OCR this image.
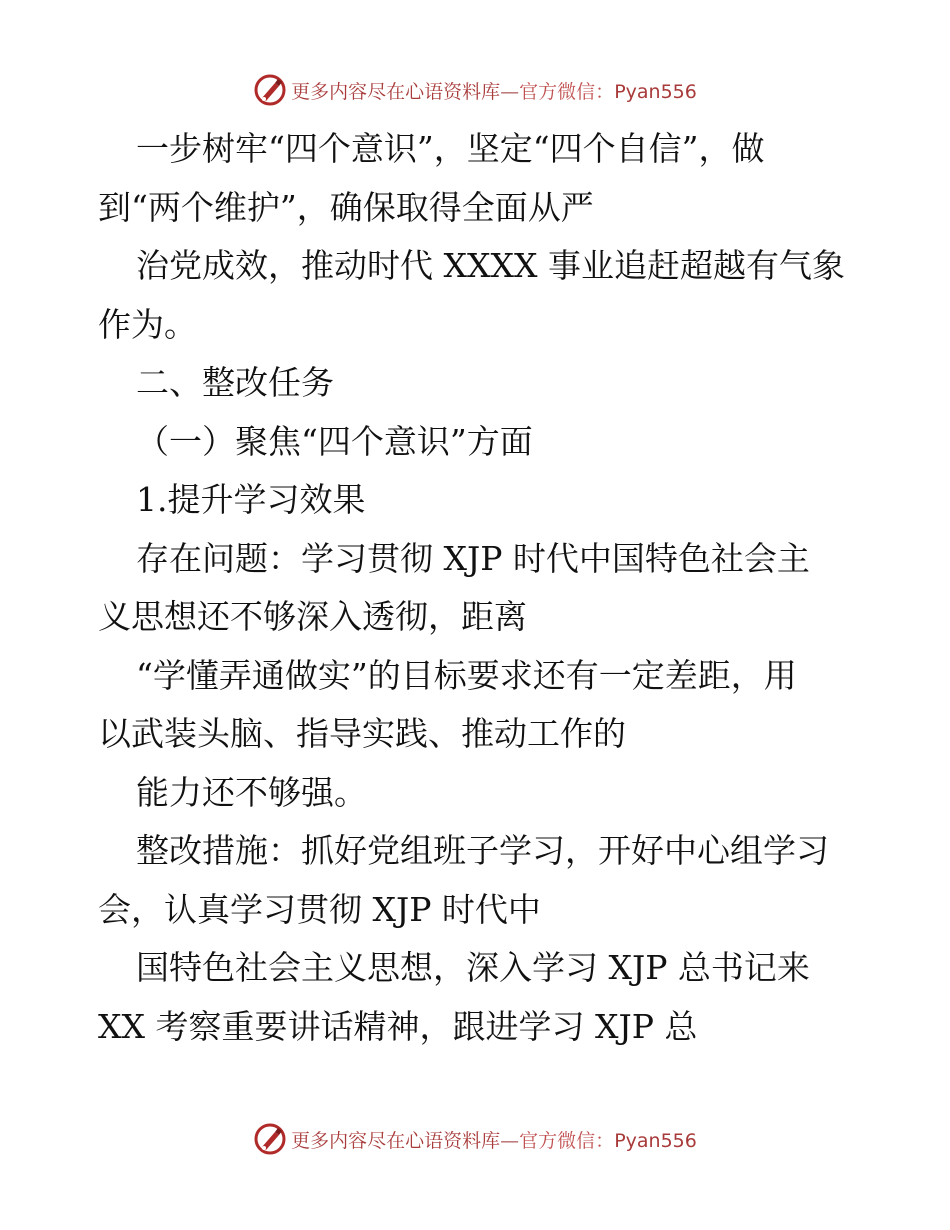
更多内容尽在心语资料库—官方微信：Pyan556
一步树牢“四个意识”，坚定“四个自信”，做
到“两个维护”，确保取得全面从严
治党成效，推动时代 XXXX 事业追赶超越有气象
作为。
二、整改任务
（一）聚焦“四个意识”方面
1.提升学习效果
存在问题：学习贯彻 XJP 时代中国特色社会主
义思想还不够深入透彻，距离
“学懂弄通做实”的目标要求还有一定差距，用
以武装头脑、指导实践、推动工作的
能力还不够强。
整改措施：抓好党组班子学习，开好中心组学习
会，认真学习贯彻 XJP 时代中
国特色社会主义思想，深入学习 XJP 总书记来
XX 考察重要讲话精神，跟进学习 XJP 总
更多内容尽在心语资料库—官方微信：Pyan556
